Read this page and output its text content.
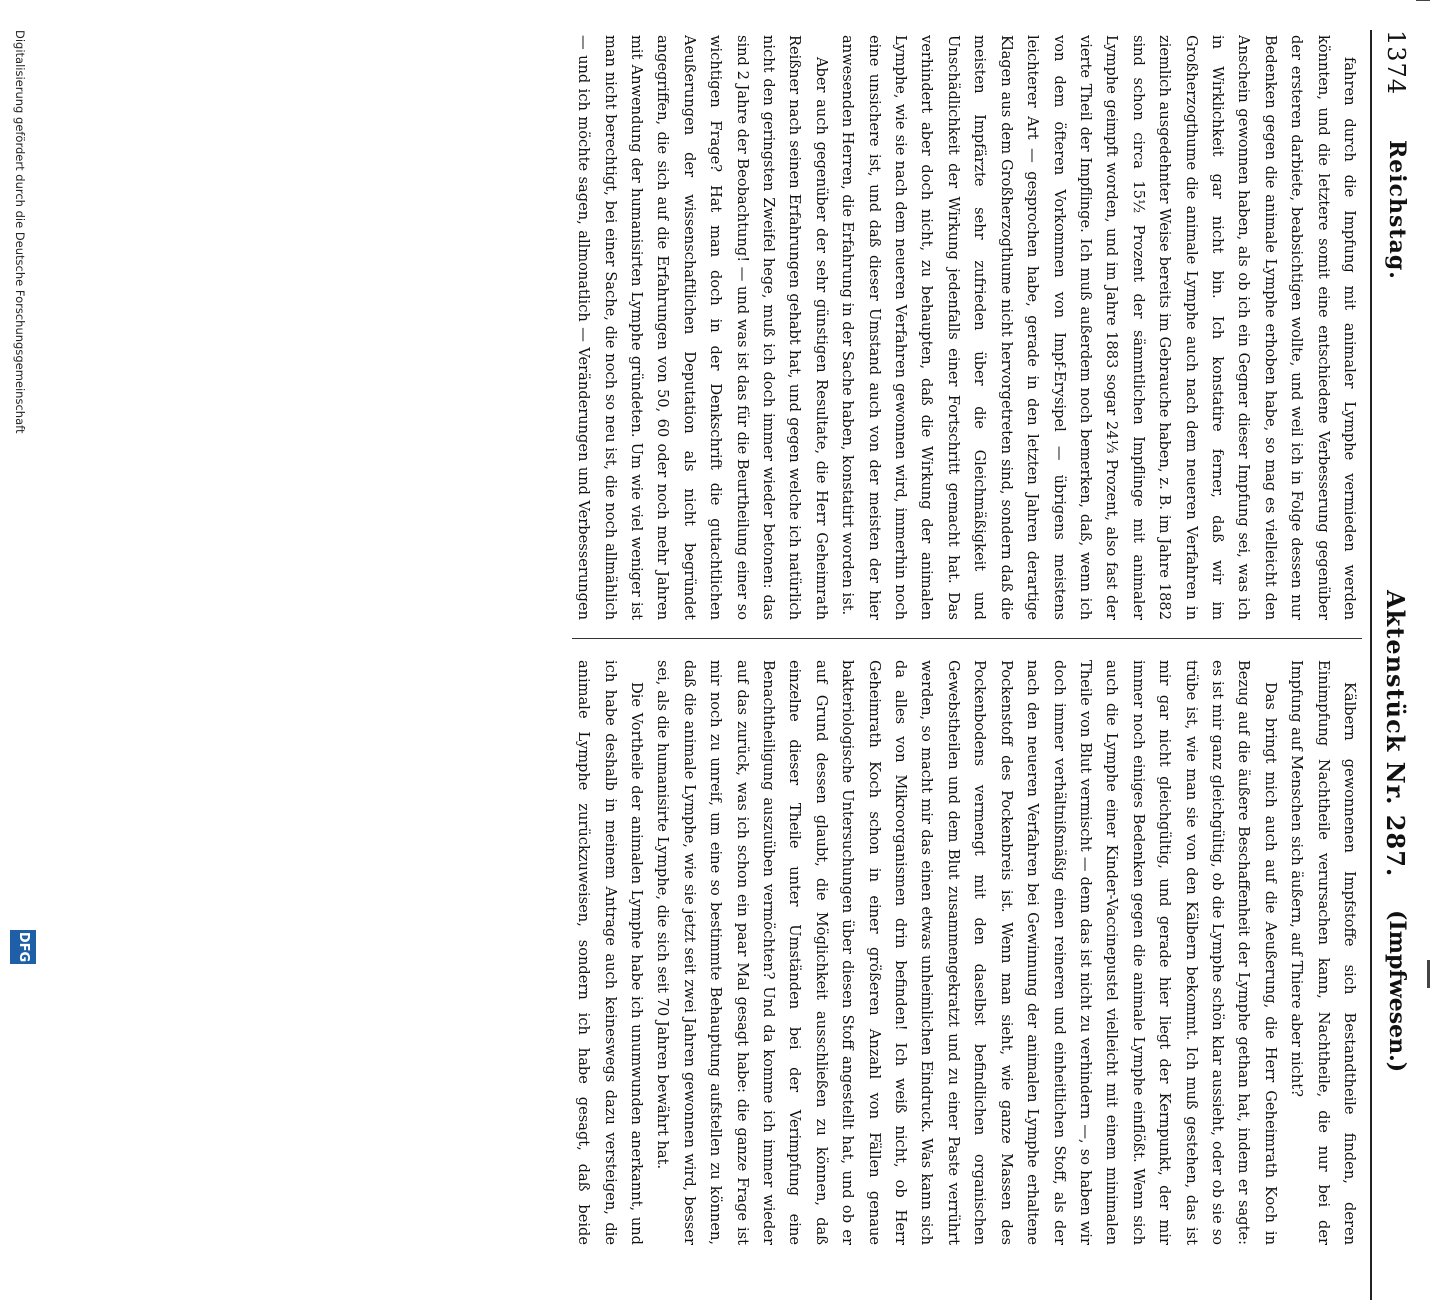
1374
Reichstag.
Aktenstück Nr. 287.
(Impfwesen.)

fahren durch die Impfung mit animaler Lymphe vermieden werden könnten, und die letztere somit eine entschiedene Verbesserung gegenüber der ersteren darbiete, beabsichtigen wollte, und weil ich in Folge dessen nur Bedenken gegen die animale Lymphe erhoben habe, so mag es vielleicht den Anschein gewonnen haben, als ob ich ein Gegner dieser Impfung sei, was ich in Wirklichkeit gar nicht bin. Ich konstatire ferner, daß wir im Großherzogthume die animale Lymphe auch nach dem neueren Verfahren in ziemlich ausgedehnter Weise bereits im Gebrauche haben, z. B. im Jahre 1882 sind schon circa 15½ Prozent der sämmtlichen Impflinge mit animaler Lymphe geimpft worden, und im Jahre 1883 sogar 24⅓ Prozent, also fast der vierte Theil der Impflinge. Ich muß außerdem noch bemerken, daß, wenn ich von dem öfteren Vorkommen von Impf-Erysipel — übrigens meistens leichterer Art — gesprochen habe, gerade in den letzten Jahren derartige Klagen aus dem Großherzogthume nicht hervorgetreten sind, sondern daß die meisten Impfärzte sehr zufrieden über die Gleichmäßigkeit und Unschädlichkeit der Wirkung jedenfalls einer Fortschritt gemacht hat. Das verhindert aber doch nicht, zu behaupten, daß die Wirkung der animalen Lymphe, wie sie nach dem neueren Verfahren gewonnen wird, immerhin noch eine unsichere ist, und daß dieser Umstand auch von der meisten der hier anwesenden Herren, die Erfahrung in der Sache haben, konstatirt worden ist.

Aber auch gegenüber der sehr günstigen Resultate, die Herr Geheimrath Reißner nach seinen Erfahrungen gehabt hat, und gegen welche ich natürlich nicht den geringsten Zweifel hege, muß ich doch immer wieder betonen: das sind 2 Jahre der Beobachtung! — und was ist das für die Beurtheilung einer so wichtigen Frage? Hat man doch in der Denkschrift die gutachtlichen Aeußerungen der wissenschaftlichen Deputation als nicht begründet angegriffen, die sich auf die Erfahrungen von 50, 60 oder noch mehr Jahren mit Anwendung der humanisirten Lymphe gründeten. Um wie viel weniger ist man nicht berechtigt, bei einer Sache, die noch so neu ist, die noch allmählich — und ich möchte sagen, allmonatlich — Veränderungen und Verbesserungen

Kälbern gewonnenen Impfstoffe sich Bestandtheile finden, deren Einimpfung Nachtheile verursachen kann, Nachtheile, die nur bei der Impfung auf Menschen sich äußern, auf Thiere aber nicht?

Das bringt mich auch auf die Aeußerung, die Herr Geheimrath Koch in Bezug auf die äußere Beschaffenheit der Lymphe gethan hat, indem er sagte: es ist mir ganz gleichgültig, ob die Lymphe schön klar aussieht, oder ob sie so trübe ist, wie man sie von den Kälbern bekommt. Ich muß gestehen, das ist mir gar nicht gleichgültig, und gerade hier liegt der Kernpunkt, der mir immer noch einiges Bedenken gegen die animale Lymphe einflößt. Wenn sich auch die Lymphe einer Kinder-Vaccinepustel vielleicht mit einem minimalen Theile von Blut vermischt — denn das ist nicht zu verhindern —, so haben wir doch immer verhältnißmäßig einen reineren und einheitlichen Stoff, als der nach den neueren Verfahren bei Gewinnung der animalen Lymphe erhaltene Pockenstoff des Pockenbreis ist. Wenn man sieht, wie ganze Massen des Pockenbodens vermengt mit den daselbst befindlichen organischen Gewebstheilen und dem Blut zusammengekratzt und zu einer Paste verrührt werden, so macht mir das einen etwas unheimlichen Eindruck. Was kann sich da alles von Mikroorganismen drin befinden! Ich weiß nicht, ob Herr Geheimrath Koch schon in einer größeren Anzahl von Fällen genaue bakteriologische Untersuchungen über diesen Stoff angestellt hat, und ob er auf Grund dessen glaubt, die Möglichkeit ausschließen zu können, daß einzelne dieser Theile unter Umständen bei der Verimpfung eine Benachtheiligung auszuüben vermöchten? Und da komme ich immer wieder auf das zurück, was ich schon ein paar Mal gesagt habe: die ganze Frage ist mir noch zu unreif, um eine so bestimmte Behauptung aufstellen zu können, daß die animale Lymphe, wie sie jetzt seit zwei Jahren gewonnen wird, besser sei, als die humanisirte Lymphe, die sich seit 70 Jahren bewährt hat.

Die Vortheile der animalen Lymphe habe ich unumwunden anerkannt, und ich habe deshalb in meinem Antrage auch keineswegs dazu versteigen, die animale Lymphe zurückzuweisen, sondern ich habe gesagt, daß beide

Digitalisierung gefördert durch die Deutsche Forschungsgemeinschaft
DFG
